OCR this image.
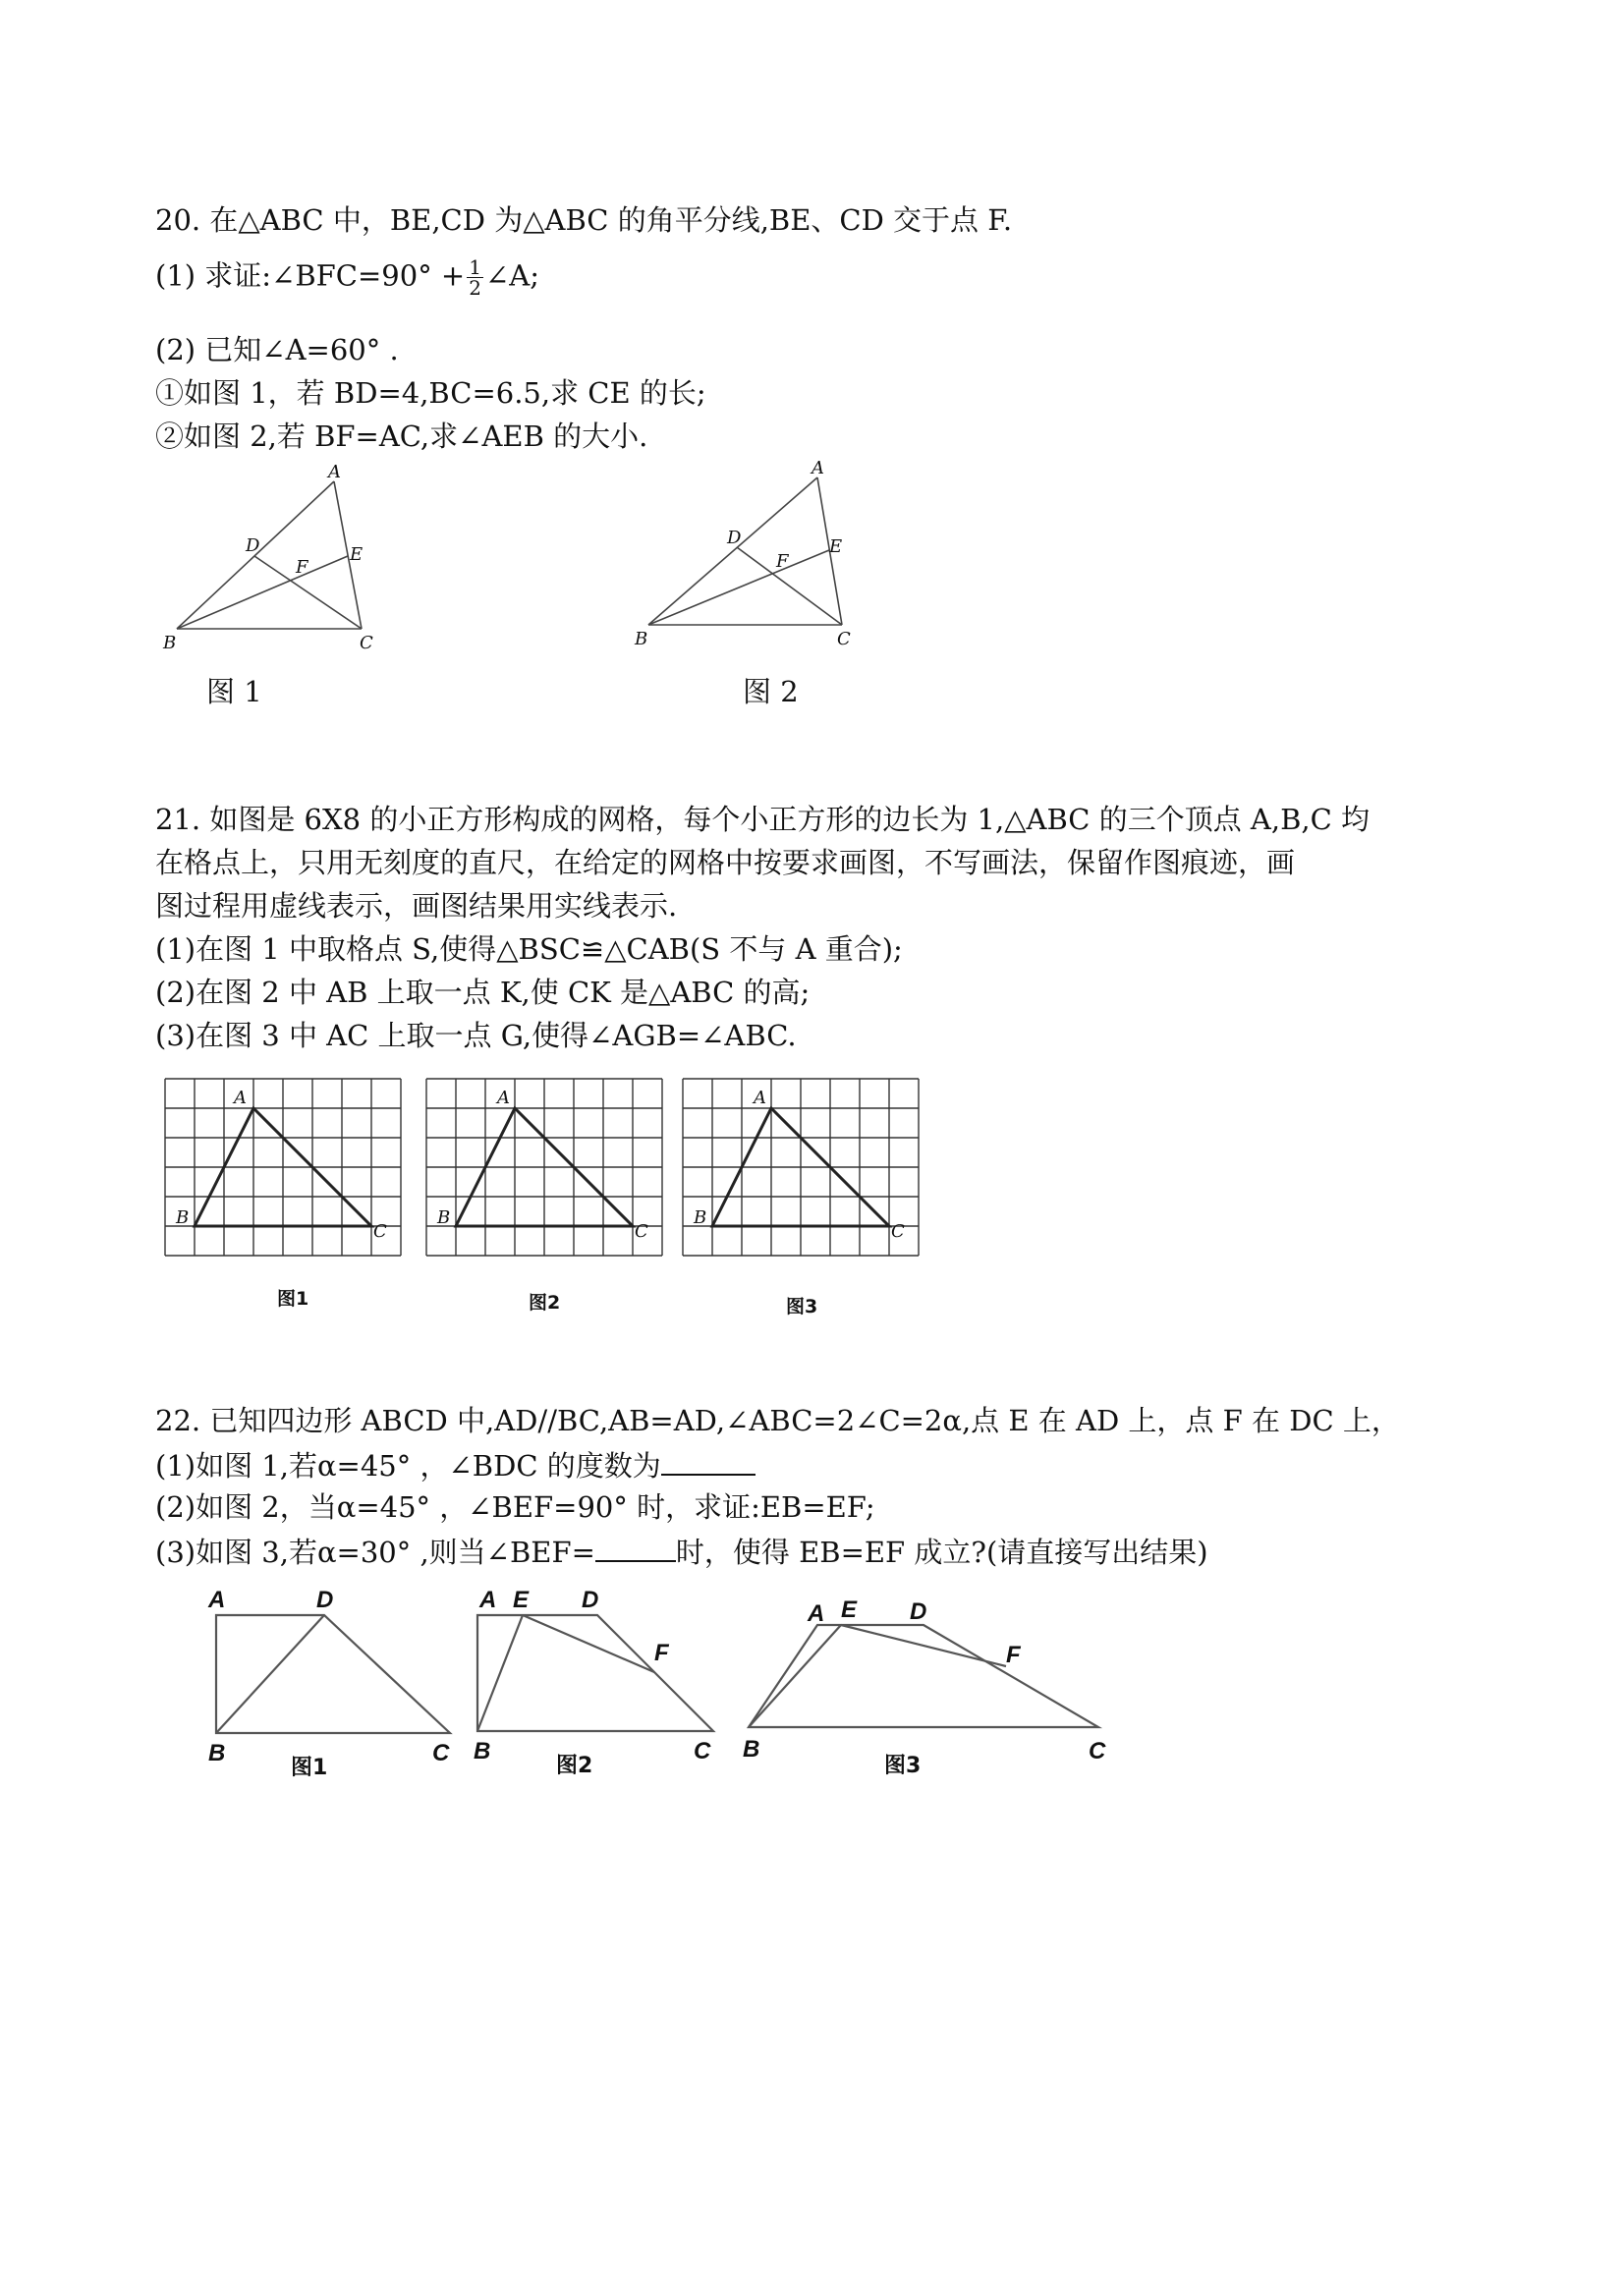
20. 在△ABC 中，BE,CD 为△ABC 的角平分线,BE、CD 交于点 F.
(1) 求证:∠BFC=90° + $\frac{1}{2}$ ∠A;
(2) 已知∠A=60° .
①如图 1，若 BD=4,BC=6.5,求 CE 的长;
②如图 2,若 BF=AC,求∠AEB 的大小.
A
B	C
D	E
F
图 1
A
B	C
D	E
F
图 2
21. 如图是 6X8 的小正方形构成的网格，每个小正方形的边长为 1,△ABC 的三个顶点 A,B,C 均
在格点上，只用无刻度的直尺，在给定的网格中按要求画图，不写画法，保留作图痕迹，画
图过程用虚线表示，画图结果用实线表示.
(1)在图 1 中取格点 S,使得△BSC≌△CAB(S 不与 A 重合);
(2)在图 2 中 AB 上取一点 K,使 CK 是△ABC 的高;
(3)在图 3 中 AC 上取一点 G,使得∠AGB=∠ABC.
A
B
C
图1
A
B
C
图2
A
B
C
图3
22. 已知四边形 ABCD 中,AD//BC,AB=AD,∠ABC=2∠C=2α,点 E 在 AD 上，点 F 在 DC 上，
(1)如图 1,若α=45° ，∠BDC 的度数为
(2)如图 2，当α=45° ，∠BEF=90° 时，求证:EB=EF;
(3)如图 3,若α=30° ,则当∠BEF=	时，使得 EB=EF 成立?(请直接写出结果)
A	D
B	C
图1
A E D
F
B	C
图2
A E D
F
B	C
图3
